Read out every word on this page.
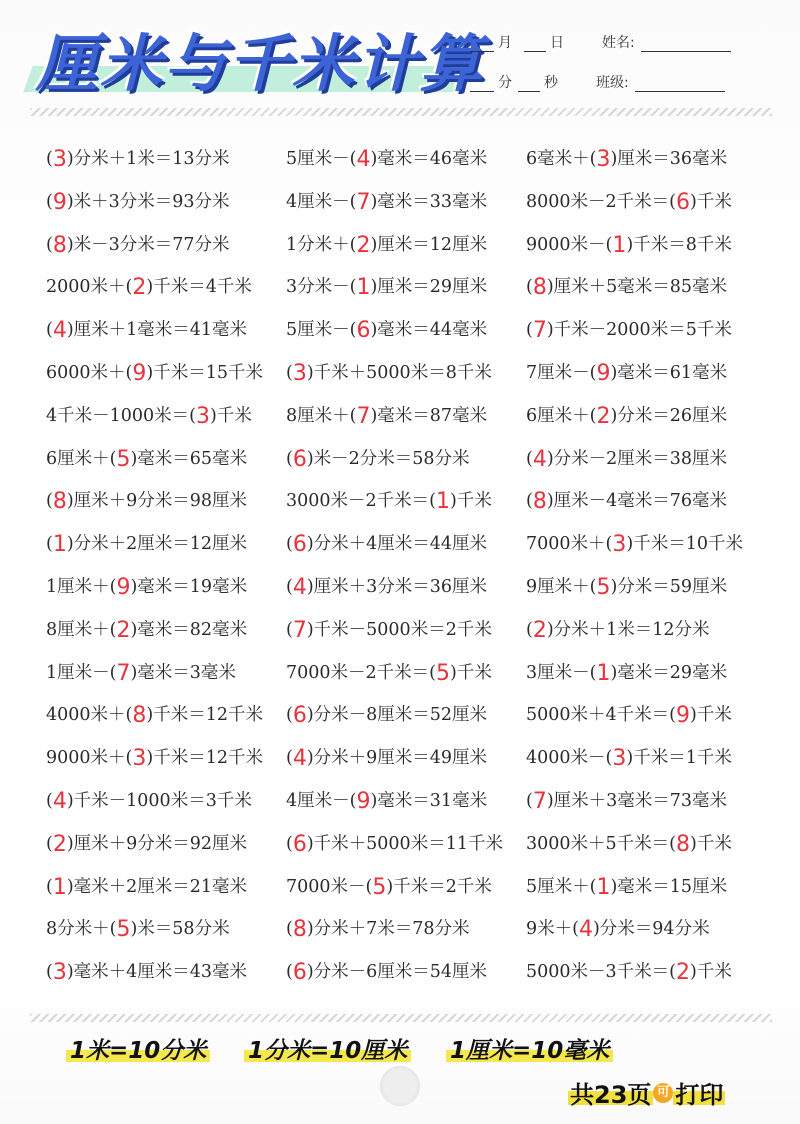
厘米与千米计算 月	日	姓名:
分 秒	班级:
(3)分米＋1米＝13分米	5厘米－(4)毫米＝46毫米 6毫米＋(3)厘米＝36毫米
(9)米＋3分米＝93分米	4厘米－(7)毫米＝33毫米 8000米－2千米＝(6)千米
(8)米－3分米＝77分米	1分米＋(2)厘米＝12厘米 9000米－(1)千米＝8千米
2000米＋(2)千米＝4千米 3分米－(1)厘米＝29厘米 (8)厘米＋5毫米＝85毫米
(4)厘米＋1毫米＝41毫米 5厘米－(6)毫米＝44毫米 (7)千米－2000米＝5千米
6000米＋(9)千米＝15千米 (3)千米＋5000米＝8千米 7厘米－(9)毫米＝61毫米
4千米－1000米＝(3)千米 8厘米＋(7)毫米＝87毫米 6厘米＋(2)分米＝26厘米
6厘米＋(5)毫米＝65毫米 (6)米－2分米＝58分米	(4)分米－2厘米＝38厘米
(8)厘米＋9分米＝98厘米 3000米－2千米＝(1)千米 (8)厘米－4毫米＝76毫米
(1)分米＋2厘米＝12厘米 (6)分米＋4厘米＝44厘米 7000米＋(3)千米＝10千米
1厘米＋(9)毫米＝19毫米 (4)厘米＋3分米＝36厘米 9厘米＋(5)分米＝59厘米
8厘米＋(2)毫米＝82毫米 (7)千米－5000米＝2千米 (2)分米＋1米＝12分米
1厘米－(7)毫米＝3毫米	7000米－2千米＝(5)千米 3厘米－(1)毫米＝29毫米
4000米＋(8)千米＝12千米 (6)分米－8厘米＝52厘米 5000米＋4千米＝(9)千米
9000米＋(3)千米＝12千米 (4)分米＋9厘米＝49厘米 4000米－(3)千米＝1千米
(4)千米－1000米＝3千米 4厘米－(9)毫米＝31毫米 (7)厘米＋3毫米＝73毫米
(2)厘米＋9分米＝92厘米 (6)千米＋5000米＝11千米 3000米＋5千米＝(8)千米
(1)毫米＋2厘米＝21毫米 7000米－(5)千米＝2千米 5厘米＋(1)毫米＝15厘米
8分米＋(5)米＝58分米	(8)分米＋7米＝78分米	9米＋(4)分米＝94分米
(3)毫米＋4厘米＝43毫米 (6)分米－6厘米＝54厘米 5000米－3千米＝(2)千米
1米=10分米 1分米=10厘米 1厘米=10毫米
共23页 可 打印
